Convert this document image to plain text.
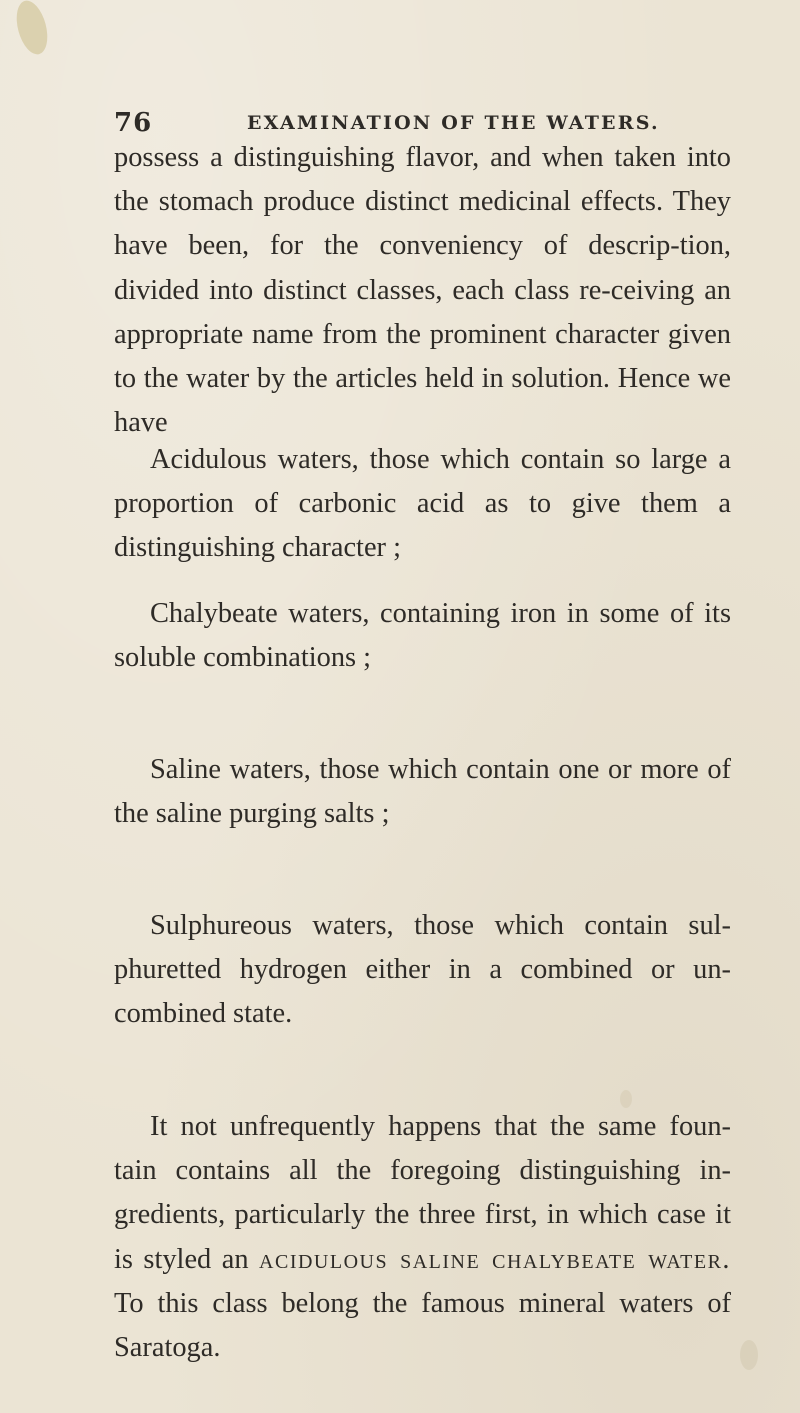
76	EXAMINATION OF THE WATERS.

possess a distinguishing flavor, and when taken into the stomach produce distinct medicinal effects. They have been, for the conveniency of descrip-tion, divided into distinct classes, each class re-ceiving an appropriate name from the prominent character given to the water by the articles held in solution. Hence we have

Acidulous waters, those which contain so large a proportion of carbonic acid as to give them a distinguishing character ;

Chalybeate waters, containing iron in some of its soluble combinations ;

Saline waters, those which contain one or more of the saline purging salts ;

Sulphureous waters, those which contain sul-phuretted hydrogen either in a combined or un-combined state.

It not unfrequently happens that the same foun-tain contains all the foregoing distinguishing in-gredients, particularly the three first, in which case it is styled an acidulous saline chalybeate water. To this class belong the famous mineral waters of Saratoga.
